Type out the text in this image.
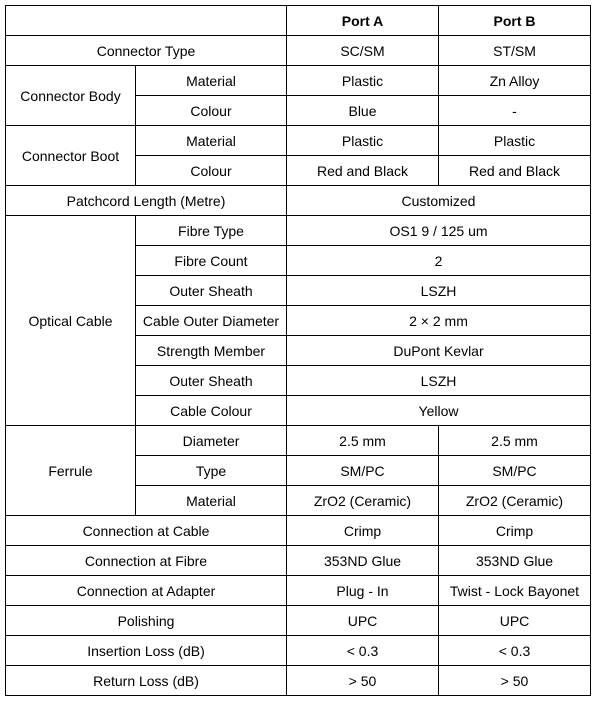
		Port A	Port B
Connector Type		SC/SM	ST/SM
Connector Body	Material	Plastic	Zn Alloy
	Colour	Blue	-
Connector Boot	Material	Plastic	Plastic
	Colour	Red and Black	Red and Black
Patchcord Length (Metre)		Customized	
Optical Cable	Fibre Type	OS1 9 / 125 um	
	Fibre Count	2	
	Outer Sheath	LSZH	
	Cable Outer Diameter	2 × 2 mm	
	Strength Member	DuPont Kevlar	
	Outer Sheath	LSZH	
	Cable Colour	Yellow	
Ferrule	Diameter	2.5 mm	2.5 mm
	Type	SM/PC	SM/PC
	Material	ZrO2 (Ceramic)	ZrO2 (Ceramic)
Connection at Cable		Crimp	Crimp
Connection at Fibre		353ND Glue	353ND Glue
Connection at Adapter		Plug - In	Twist - Lock Bayonet
Polishing		UPC	UPC
Insertion Loss (dB)		< 0.3	< 0.3
Return Loss (dB)		> 50	> 50
